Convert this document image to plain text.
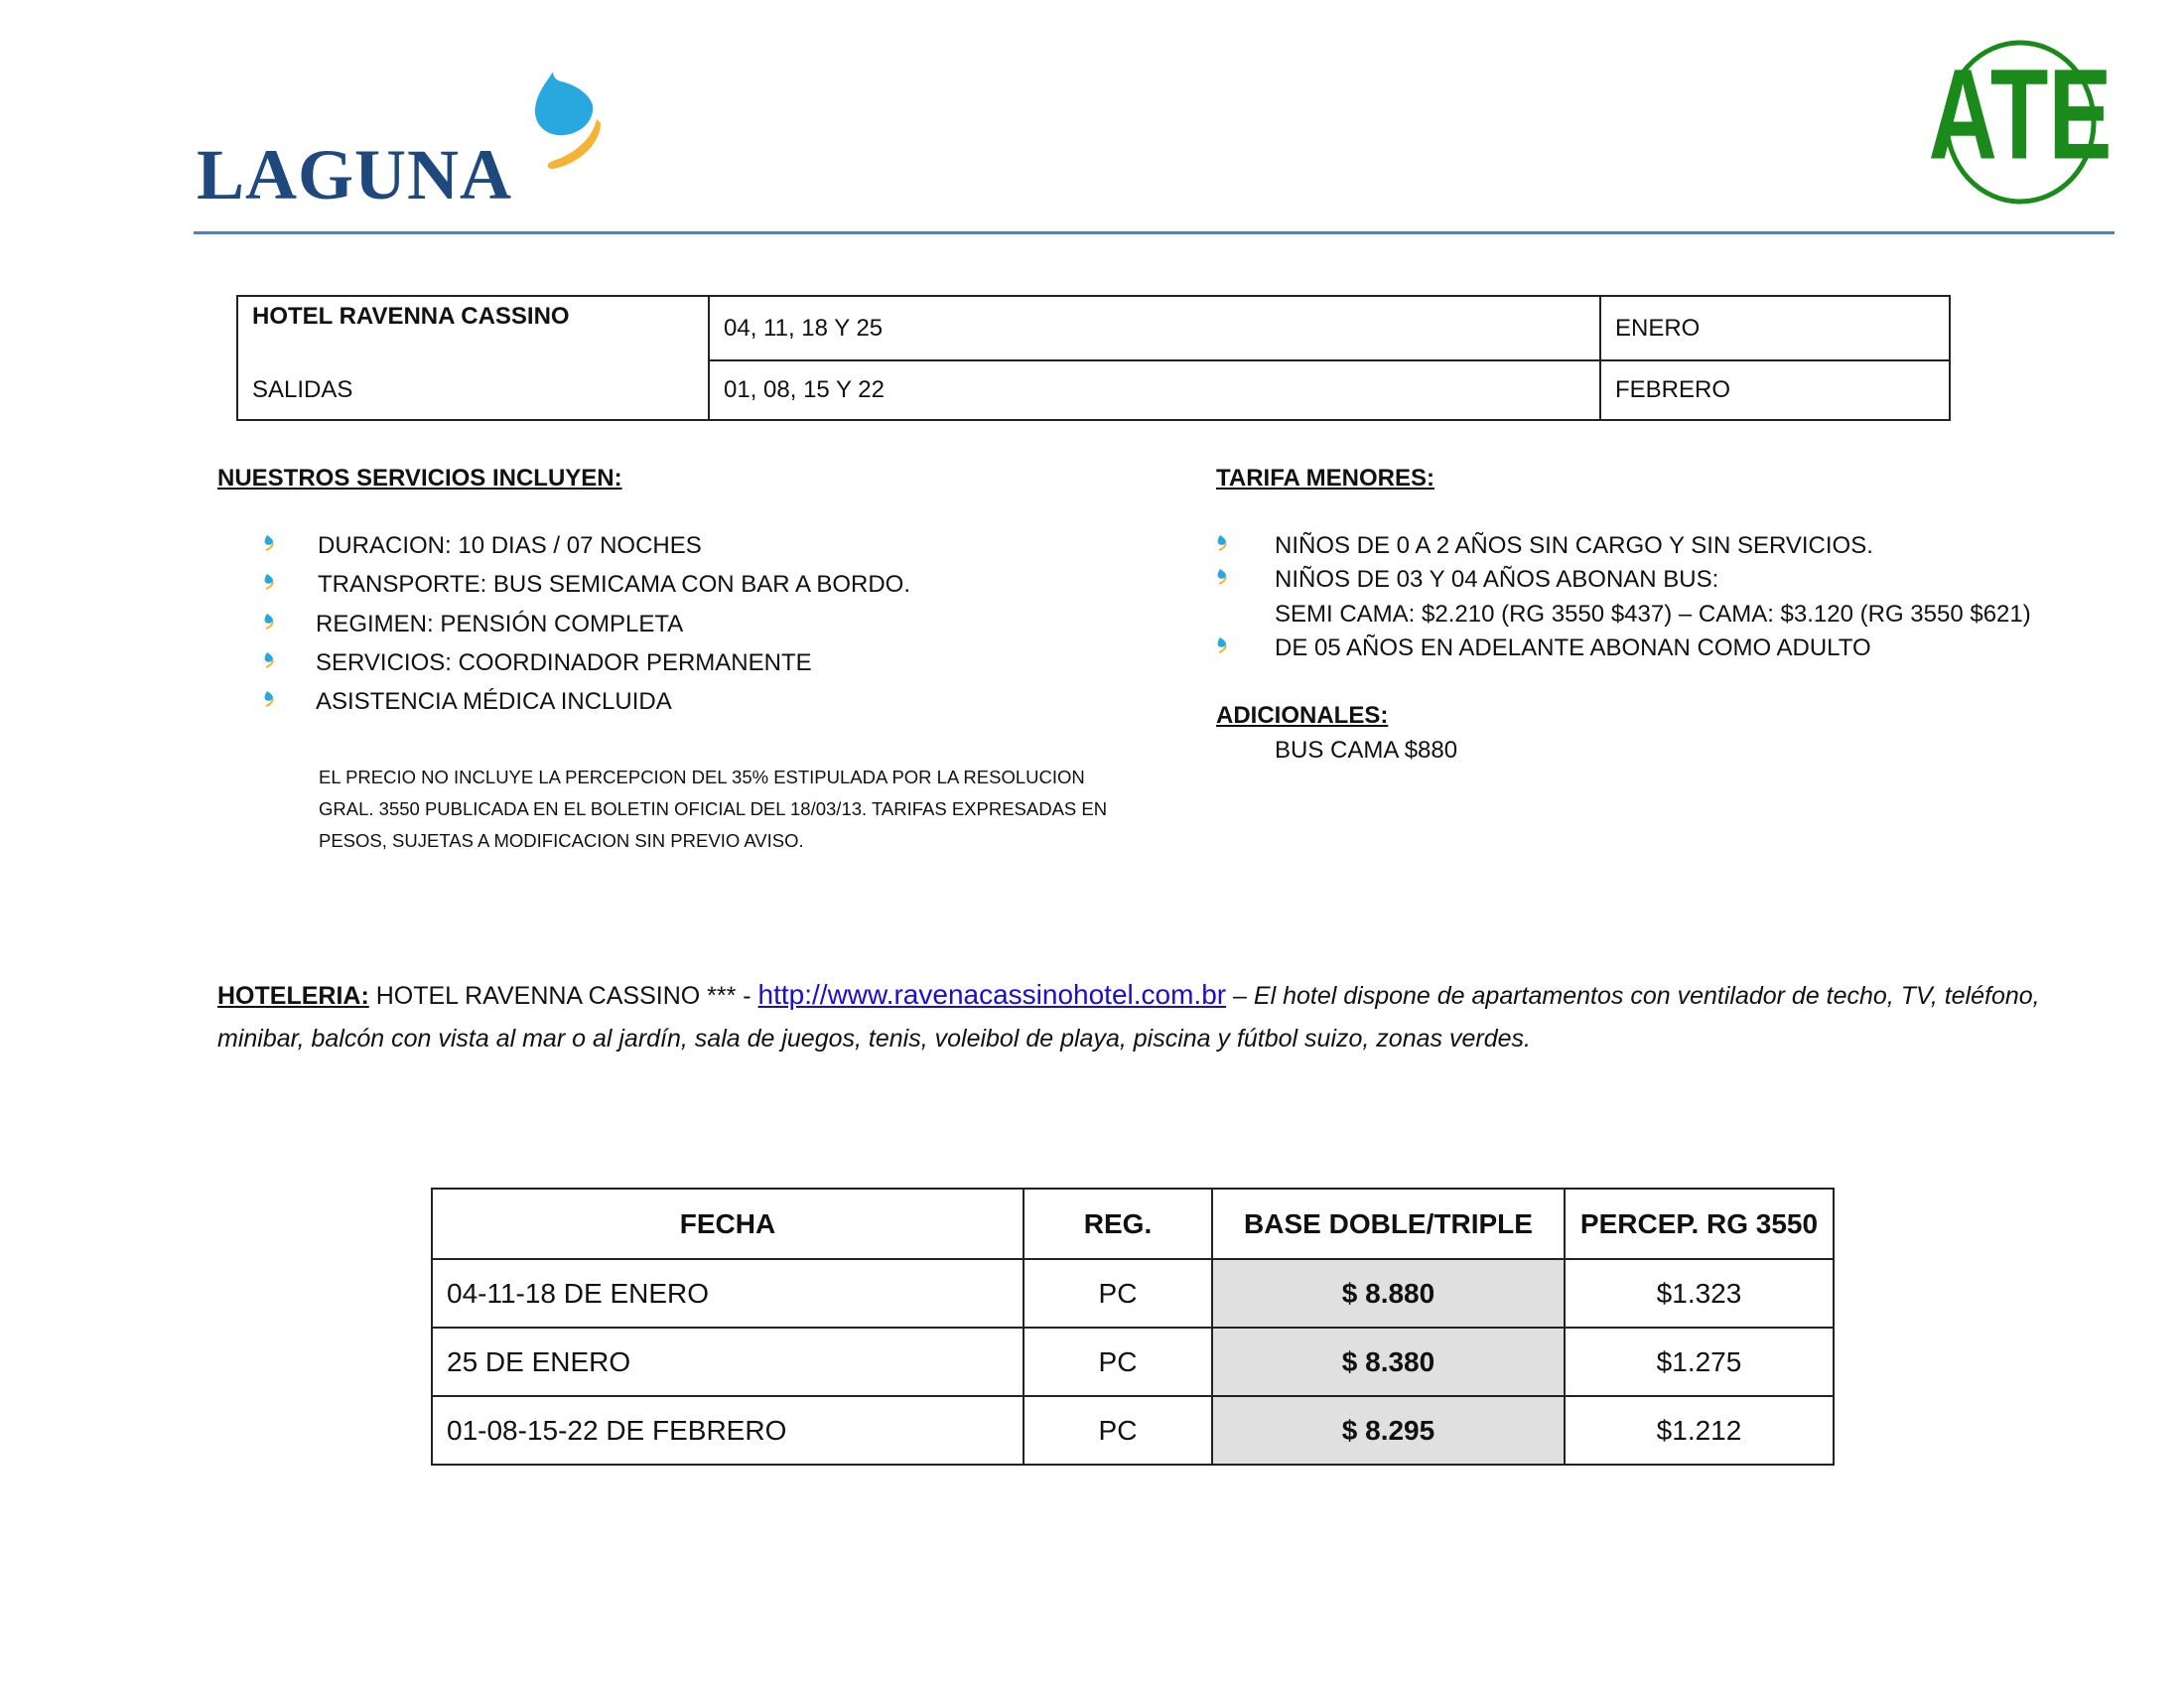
LAGUNA	ATE
HOTEL RAVENNA CASSINO	04, 11, 18 Y 25	ENERO
SALIDAS	01, 08, 15 Y 22	FEBRERO
NUESTROS SERVICIOS INCLUYEN:
DURACION: 10 DIAS / 07 NOCHES
TRANSPORTE: BUS SEMICAMA CON BAR A BORDO.
REGIMEN: PENSIÓN COMPLETA
SERVICIOS: COORDINADOR PERMANENTE
ASISTENCIA MÉDICA INCLUIDA
EL PRECIO NO INCLUYE LA PERCEPCION DEL 35% ESTIPULADA POR LA RESOLUCION
GRAL. 3550 PUBLICADA EN EL BOLETIN OFICIAL DEL 18/03/13. TARIFAS EXPRESADAS EN
PESOS, SUJETAS A MODIFICACION SIN PREVIO AVISO.
TARIFA MENORES:
NIÑOS DE 0 A 2 AÑOS SIN CARGO Y SIN SERVICIOS.
NIÑOS DE 03 Y 04 AÑOS ABONAN BUS:
SEMI CAMA: $2.210 (RG 3550 $437) – CAMA: $3.120 (RG 3550 $621)
DE 05 AÑOS EN ADELANTE ABONAN COMO ADULTO
ADICIONALES:
BUS CAMA $880
HOTELERIA: HOTEL RAVENNA CASSINO *** - http://www.ravenacassinohotel.com.br – El hotel dispone de apartamentos con ventilador de techo, TV, teléfono,
minibar, balcón con vista al mar o al jardín, sala de juegos, tenis, voleibol de playa, piscina y fútbol suizo, zonas verdes.
FECHA	REG.	BASE DOBLE/TRIPLE	PERCEP. RG 3550
04-11-18 DE ENERO	PC	$ 8.880	$1.323
25 DE ENERO	PC	$ 8.380	$1.275
01-08-15-22 DE FEBRERO	PC	$ 8.295	$1.212
